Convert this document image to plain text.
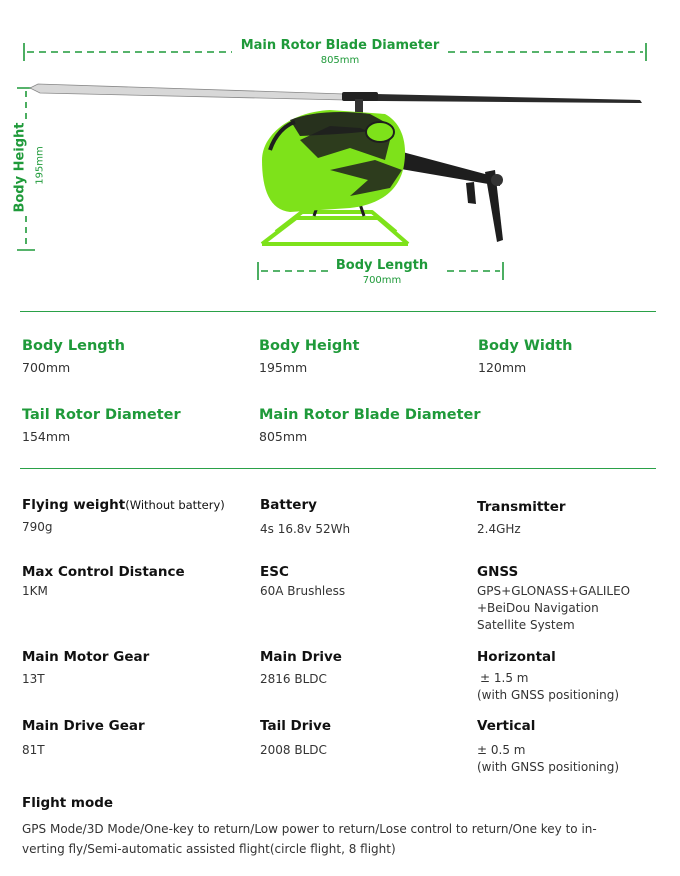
Main Rotor Blade Diameter
805mm
Body Height 195mm
Body Length
700mm
Body Length
700mm
Body Height
195mm
Body Width
120mm
Tail Rotor Diameter
154mm
Main Rotor Blade Diameter
805mm
Flying weight(Without battery)
790g
Battery
4s 16.8v 52Wh
Transmitter
2.4GHz
Max Control Distance
1KM
ESC
60A Brushless
GNSS
GPS+GLONASS+GALILEO
+BeiDou Navigation
Satellite System
Main Motor Gear
13T
Main Drive
2816 BLDC
Horizontal
± 1.5 m
(with GNSS positioning)
Main Drive Gear
81T
Tail Drive
2008 BLDC
Vertical
± 0.5 m
(with GNSS positioning)
Flight mode
GPS Mode/3D Mode/One-key to return/Low power to return/Lose control to return/One key to in-
verting fly/Semi-automatic assisted flight(circle flight, 8 flight)
